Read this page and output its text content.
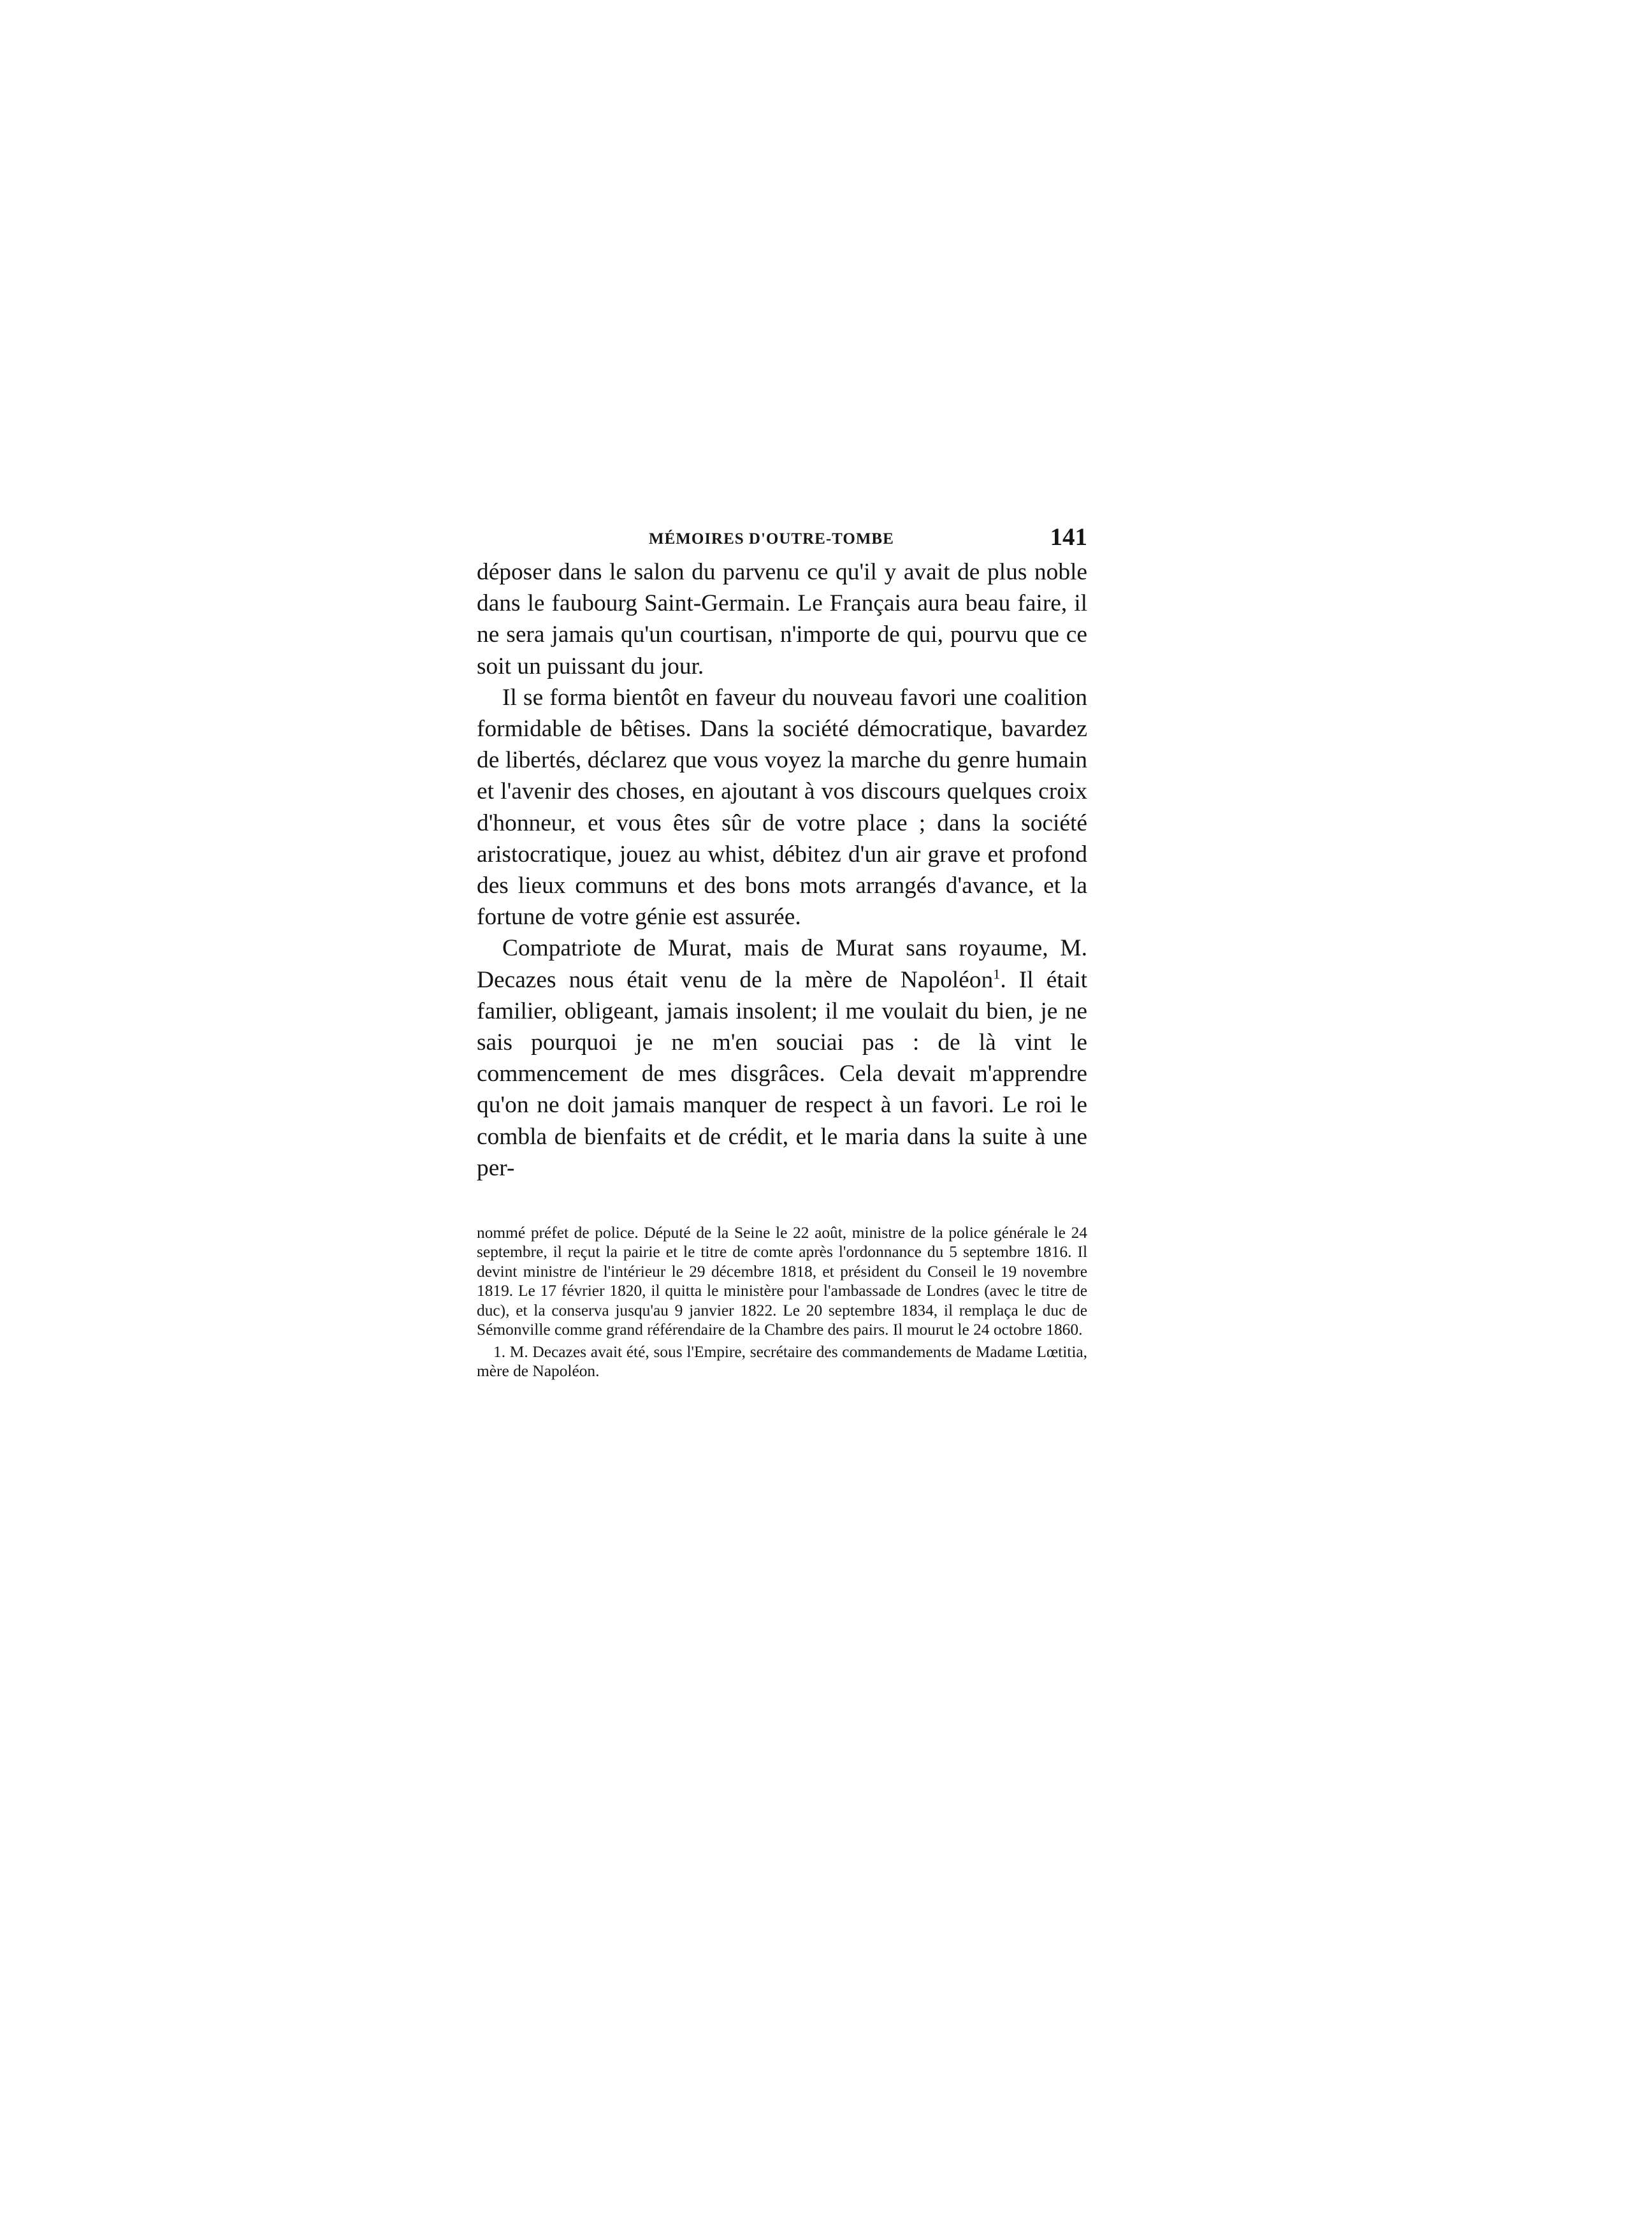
MÉMOIRES D'OUTRE-TOMBE	141

déposer dans le salon du parvenu ce qu'il y avait de plus noble dans le faubourg Saint-Germain. Le Français aura beau faire, il ne sera jamais qu'un courtisan, n'importe de qui, pourvu que ce soit un puissant du jour.

Il se forma bientôt en faveur du nouveau favori une coalition formidable de bêtises. Dans la société démocratique, bavardez de libertés, déclarez que vous voyez la marche du genre humain et l'avenir des choses, en ajoutant à vos discours quelques croix d'honneur, et vous êtes sûr de votre place ; dans la société aristocratique, jouez au whist, débitez d'un air grave et profond des lieux communs et des bons mots arrangés d'avance, et la fortune de votre génie est assurée.

Compatriote de Murat, mais de Murat sans royaume, M. Decazes nous était venu de la mère de Napoléon$^1$. Il était familier, obligeant, jamais insolent; il me voulait du bien, je ne sais pourquoi je ne m'en souciai pas : de là vint le commencement de mes disgrâces. Cela devait m'apprendre qu'on ne doit jamais manquer de respect à un favori. Le roi le combla de bienfaits et de crédit, et le maria dans la suite à une per-

nommé préfet de police. Député de la Seine le 22 août, ministre de la police générale le 24 septembre, il reçut la pairie et le titre de comte après l'ordonnance du 5 septembre 1816. Il devint ministre de l'intérieur le 29 décembre 1818, et président du Conseil le 19 novembre 1819. Le 17 février 1820, il quitta le ministère pour l'ambassade de Londres (avec le titre de duc), et la conserva jusqu'au 9 janvier 1822. Le 20 septembre 1834, il remplaça le duc de Sémonville comme grand référendaire de la Chambre des pairs. Il mourut le 24 octobre 1860.

1. M. Decazes avait été, sous l'Empire, secrétaire des commandements de Madame Lœtitia, mère de Napoléon.
